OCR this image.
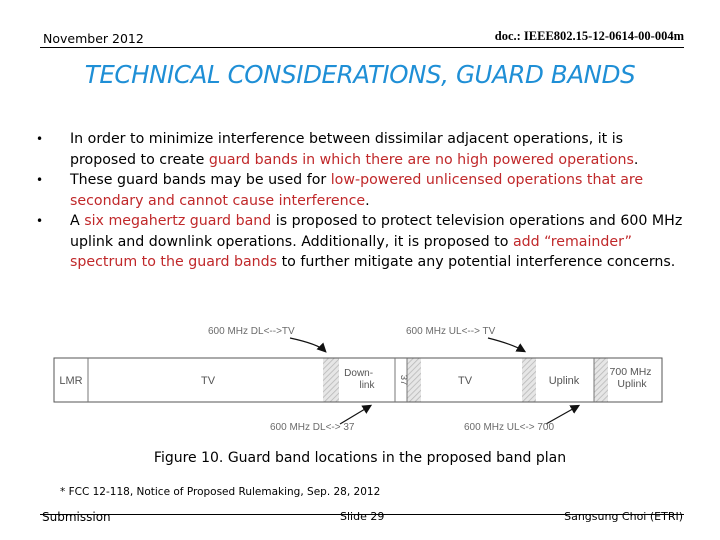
November 2012	doc.: IEEE802.15-12-0614-00-004m
TECHNICAL CONSIDERATIONS, GUARD BANDS
• In order to minimize interference between dissimilar adjacent operations, it is proposed to create guard bands in which there are no high powered operations.
• These guard bands may be used for low-powered unlicensed operations that are secondary and cannot cause interference.
• A six megahertz guard band is proposed to protect television operations and 600 MHz uplink and downlink operations. Additionally, it is proposed to add “remainder” spectrum to the guard bands to further mitigate any potential interference concerns.
600 MHz DL<-->TV	600 MHz UL<--> TV
LMR	TV
Down- link 37	TV	Uplink
700 MHz Uplink
600 MHz DL<-> 37	600 MHz UL<-> 700
Figure 10. Guard band locations in the proposed band plan
* FCC 12-118, Notice of Proposed Rulemaking, Sep. 28, 2012
Submission	Slide 29	Sangsung Choi (ETRI)
